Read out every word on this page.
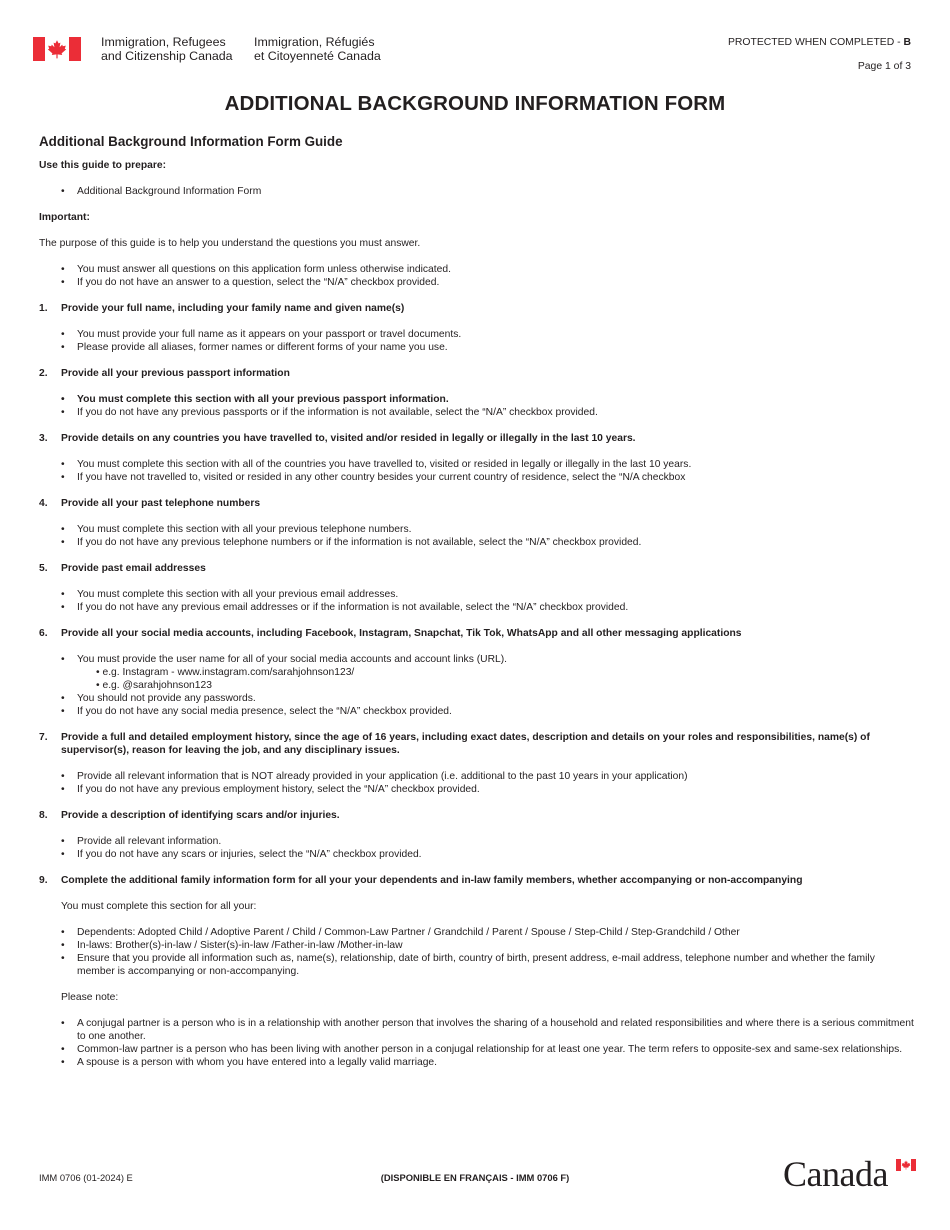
Immigration, Refugees
and Citizenship Canada
Immigration, Réfugiés
et Citoyenneté Canada
PROTECTED WHEN COMPLETED - B
Page 1 of 3
ADDITIONAL BACKGROUND INFORMATION FORM
Additional Background Information Form Guide

Use this guide to prepare:

• Additional Background Information Form

Important:

The purpose of this guide is to help you understand the questions you must answer.

• You must answer all questions on this application form unless otherwise indicated.
• If you do not have an answer to a question, select the “N/A” checkbox provided.
1. Provide your full name, including your family name and given name(s)
• You must provide your full name as it appears on your passport or travel documents.
• Please provide all aliases, former names or different forms of your name you use.
2. Provide all your previous passport information
• You must complete this section with all your previous passport information.
• If you do not have any previous passports or if the information is not available, select the “N/A” checkbox provided.
3. Provide details on any countries you have travelled to, visited and/or resided in legally or illegally in the last 10 years.
• You must complete this section with all of the countries you have travelled to, visited or resided in legally or illegally in the last 10 years.
• If you have not travelled to, visited or resided in any other country besides your current country of residence, select the “N/A checkbox
4. Provide all your past telephone numbers
• You must complete this section with all your previous telephone numbers.
• If you do not have any previous telephone numbers or if the information is not available, select the “N/A” checkbox provided.
5. Provide past email addresses
• You must complete this section with all your previous email addresses.
• If you do not have any previous email addresses or if the information is not available, select the “N/A” checkbox provided.
6. Provide all your social media accounts, including Facebook, Instagram, Snapchat, Tik Tok, WhatsApp and all other messaging applications
• You must provide the user name for all of your social media accounts and account links (URL).
• e.g. Instagram - www.instagram.com/sarahjohnson123/
• e.g. @sarahjohnson123
• You should not provide any passwords.
• If you do not have any social media presence, select the “N/A” checkbox provided.
7. Provide a full and detailed employment history, since the age of 16 years, including exact dates, description and details on your roles and responsibilities, name(s) of supervisor(s), reason for leaving the job, and any disciplinary issues.
• Provide all relevant information that is NOT already provided in your application (i.e. additional to the past 10 years in your application)
• If you do not have any previous employment history, select the “N/A” checkbox provided.
8. Provide a description of identifying scars and/or injuries.
• Provide all relevant information.
• If you do not have any scars or injuries, select the “N/A” checkbox provided.
9. Complete the additional family information form for all your your dependents and in-law family members, whether accompanying or non-accompanying

You must complete this section for all your:

• Dependents: Adopted Child / Adoptive Parent / Child / Common-Law Partner / Grandchild / Parent / Spouse / Step-Child / Step-Grandchild / Other
• In-laws: Brother(s)-in-law / Sister(s)-in-law /Father-in-law /Mother-in-law
• Ensure that you provide all information such as, name(s), relationship, date of birth, country of birth, present address, e-mail address, telephone number and whether the family member is accompanying or non-accompanying.

Please note:

• A conjugal partner is a person who is in a relationship with another person that involves the sharing of a household and related responsibilities and where there is a serious commitment to one another.
• Common-law partner is a person who has been living with another person in a conjugal relationship for at least one year. The term refers to opposite-sex and same-sex relationships.
• A spouse is a person with whom you have entered into a legally valid marriage.
IMM 0706 (01-2024) E	(DISPONIBLE EN FRANÇAIS - IMM 0706 F)	Canada
